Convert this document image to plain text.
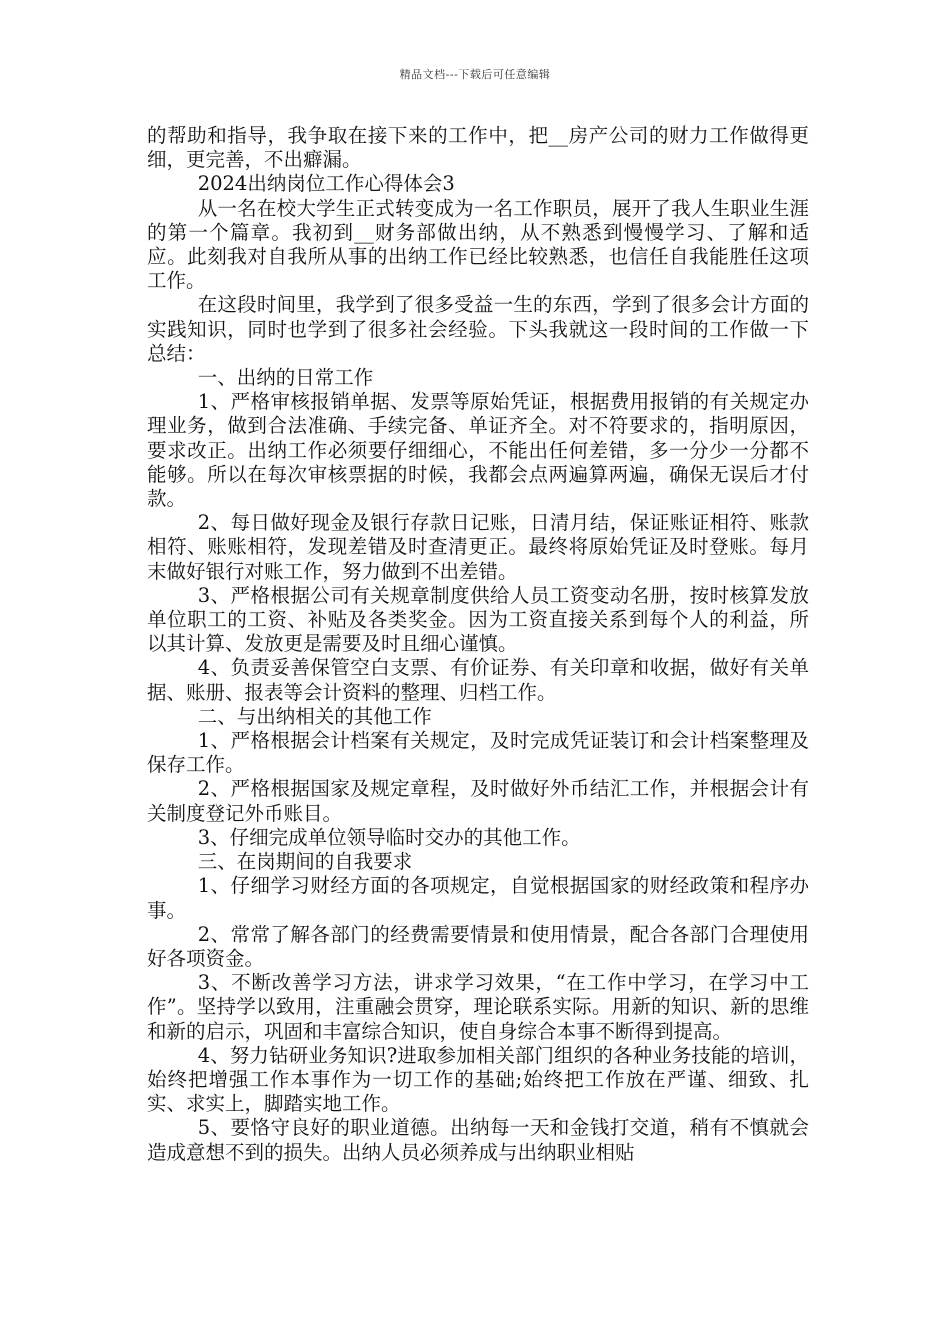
精品文档---下载后可任意编辑

的帮助和指导，我争取在接下来的工作中，把__房产公司的财力工作做得更细，更完善，不出癖漏。

2024出纳岗位工作心得体会3

从一名在校大学生正式转变成为一名工作职员，展开了我人生职业生涯的第一个篇章。我初到__财务部做出纳，从不熟悉到慢慢学习、了解和适应。此刻我对自我所从事的出纳工作已经比较熟悉，也信任自我能胜任这项工作。

在这段时间里，我学到了很多受益一生的东西，学到了很多会计方面的实践知识，同时也学到了很多社会经验。下头我就这一段时间的工作做一下总结：

一、出纳的日常工作

1、严格审核报销单据、发票等原始凭证，根据费用报销的有关规定办理业务，做到合法准确、手续完备、单证齐全。对不符要求的，指明原因，要求改正。出纳工作必须要仔细细心，不能出任何差错，多一分少一分都不能够。所以在每次审核票据的时候，我都会点两遍算两遍，确保无误后才付款。

2、每日做好现金及银行存款日记账，日清月结，保证账证相符、账款相符、账账相符，发现差错及时查清更正。最终将原始凭证及时登账。每月末做好银行对账工作，努力做到不出差错。

3、严格根据公司有关规章制度供给人员工资变动名册，按时核算发放单位职工的工资、补贴及各类奖金。因为工资直接关系到每个人的利益，所以其计算、发放更是需要及时且细心谨慎。

4、负责妥善保管空白支票、有价证券、有关印章和收据，做好有关单据、账册、报表等会计资料的整理、归档工作。

二、与出纳相关的其他工作

1、严格根据会计档案有关规定，及时完成凭证装订和会计档案整理及保存工作。

2、严格根据国家及规定章程，及时做好外币结汇工作，并根据会计有关制度登记外币账目。

3、仔细完成单位领导临时交办的其他工作。

三、在岗期间的自我要求

1、仔细学习财经方面的各项规定，自觉根据国家的财经政策和程序办事。

2、常常了解各部门的经费需要情景和使用情景，配合各部门合理使用好各项资金。

3、不断改善学习方法，讲求学习效果，“在工作中学习，在学习中工作”。坚持学以致用，注重融会贯穿，理论联系实际。用新的知识、新的思维和新的启示，巩固和丰富综合知识，使自身综合本事不断得到提高。

4、努力钻研业务知识?进取参加相关部门组织的各种业务技能的培训，始终把增强工作本事作为一切工作的基础;始终把工作放在严谨、细致、扎实、求实上，脚踏实地工作。

5、要恪守良好的职业道德。出纳每一天和金钱打交道，稍有不慎就会造成意想不到的损失。出纳人员必须养成与出纳职业相贴
